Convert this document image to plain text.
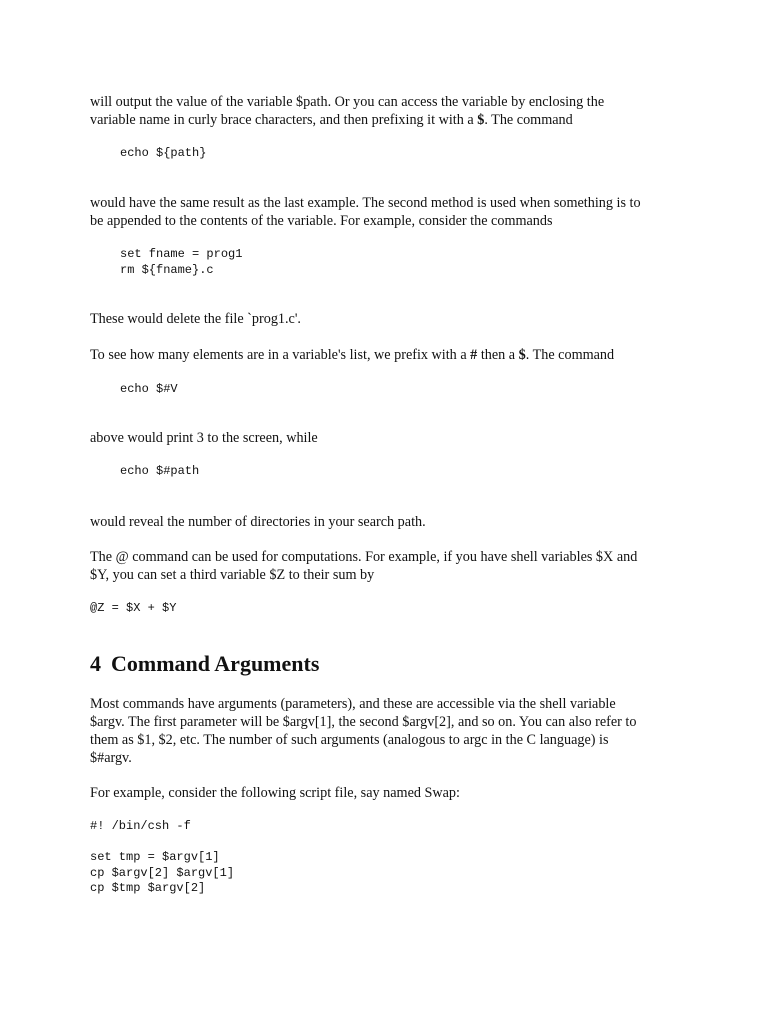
will output the value of the variable $path. Or you can access the variable by enclosing the
variable name in curly brace characters, and then prefixing it with a $. The command

echo ${path}

would have the same result as the last example. The second method is used when something is to
be appended to the contents of the variable. For example, consider the commands

set fname = prog1
rm ${fname}.c

These would delete the file `prog1.c'.

To see how many elements are in a variable's list, we prefix with a # then a $. The command

echo $#V

above would print 3 to the screen, while

echo $#path

would reveal the number of directories in your search path.

The @ command can be used for computations. For example, if you have shell variables $X and
$Y, you can set a third variable $Z to their sum by

@Z = $X + $Y

4 Command Arguments

Most commands have arguments (parameters), and these are accessible via the shell variable
$argv. The first parameter will be $argv[1], the second $argv[2], and so on. You can also refer to
them as $1, $2, etc. The number of such arguments (analogous to argc in the C language) is
$#argv.

For example, consider the following script file, say named Swap:

#! /bin/csh -f

set tmp = $argv[1]
cp $argv[2] $argv[1]
cp $tmp $argv[2]
